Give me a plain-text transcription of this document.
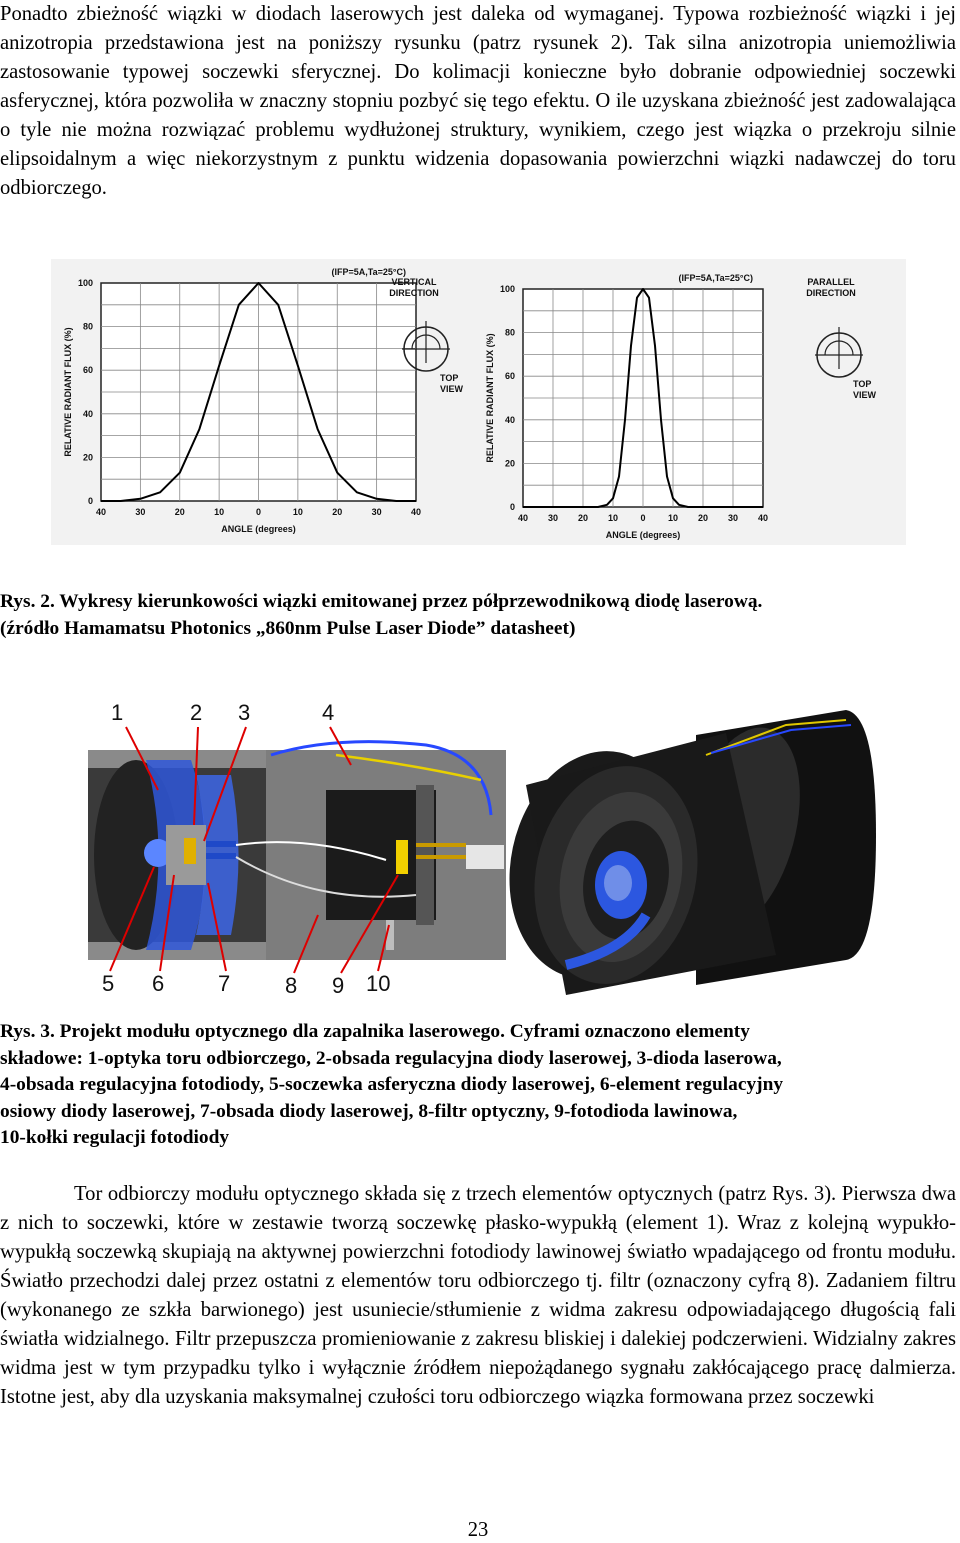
Ponadto zbieżność wiązki w diodach laserowych jest daleka od wymaganej. Typowa rozbieżność wiązki i jej anizotropia przedstawiona jest na poniższy rysunku (patrz rysunek 2). Tak silna anizotropia uniemożliwia zastosowanie typowej soczewki sferycznej. Do kolimacji konieczne było dobranie odpowiedniej soczewki asferycznej, która pozwoliła w znaczny stopniu pozbyć się tego efektu. O ile uzyskana zbieżność jest zadowalająca o tyle nie można rozwiązać problemu wydłużonej struktury, wynikiem, czego jest wiązka o przekroju silnie elipsoidalnym a więc niekorzystnym z punktu widzenia dopasowania powierzchni wiązki nadawczej do toru odbiorczego.
40	30	20	10	0	10	20	30	40
0
20
40
60
80
100
ANGLE (degrees)
RELATIVE RADIANT FLUX (%)
(IFP=5A,Ta=25°C)
VERTICAL
DIRECTION
TOP
VIEW
40 30 20 10 0 10 20 30 40
0
20
40
60
80
100
ANGLE (degrees)
RELATIVE RADIANT FLUX (%)
(IFP=5A,Ta=25°C)	PARALLEL
DIRECTION
TOP
VIEW
Rys. 2. Wykresy kierunkowości wiązki emitowanej przez półprzewodnikową diodę laserową.
(źródło Hamamatsu Photonics „860nm Pulse Laser Diode” datasheet)
1	2 3	4
5 6 7 8 9 10
Rys. 3. Projekt modułu optycznego dla zapalnika laserowego. Cyframi oznaczono elementy
składowe: 1-optyka toru odbiorczego, 2-obsada regulacyjna diody laserowej, 3-dioda laserowa,
4-obsada regulacyjna fotodiody, 5-soczewka asferyczna diody laserowej, 6-element regulacyjny
osiowy diody laserowej, 7-obsada diody laserowej, 8-filtr optyczny, 9-fotodioda lawinowa,
10-kołki regulacji fotodiody
Tor odbiorczy modułu optycznego składa się z trzech elementów optycznych (patrz Rys. 3). Pierwsza dwa z nich to soczewki, które w zestawie tworzą soczewkę płasko-wypukłą (element 1). Wraz z kolejną wypukło-wypukłą soczewką skupiają na aktywnej powierzchni fotodiody lawinowej światło wpadającego od frontu modułu. Światło przechodzi dalej przez ostatni z elementów toru odbiorczego tj. filtr (oznaczony cyfrą 8). Zadaniem filtru (wykonanego ze szkła barwionego) jest usuniecie/stłumienie z widma zakresu odpowiadającego długością fali światła widzialnego. Filtr przepuszcza promieniowanie z zakresu bliskiej i dalekiej podczerwieni. Widzialny zakres widma jest w tym przypadku tylko i wyłącznie źródłem niepożądanego sygnału zakłócającego pracę dalmierza. Istotne jest, aby dla uzyskania maksymalnej czułości toru odbiorczego wiązka formowana przez soczewki
23
